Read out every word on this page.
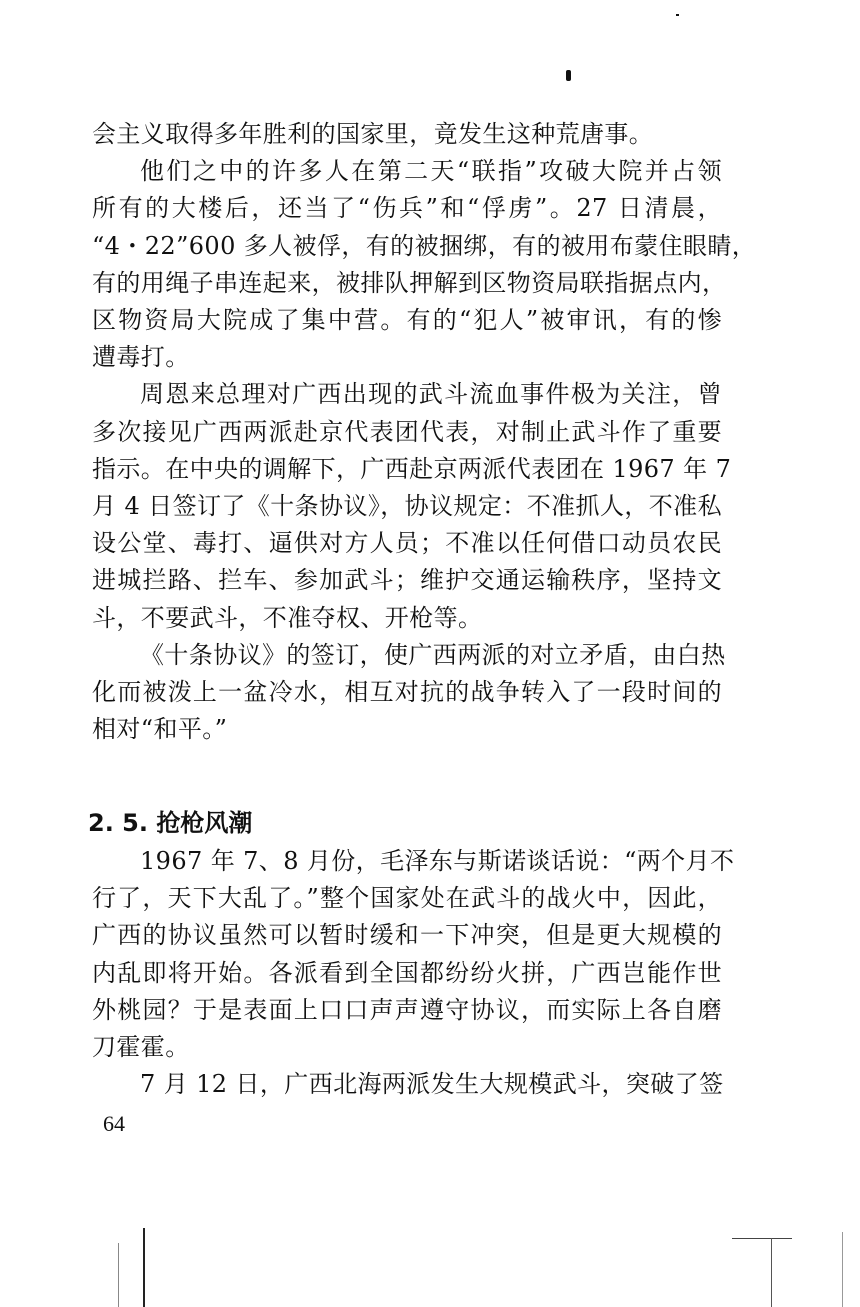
会主义取得多年胜利的国家里，竟发生这种荒唐事。
他们之中的许多人在第二天“联指”攻破大院并占领
所有的大楼后，还当了“伤兵”和“俘虏”。27 日清晨，
“4・22”600 多人被俘，有的被捆绑，有的被用布蒙住眼睛，
有的用绳子串连起来，被排队押解到区物资局联指据点内，
区物资局大院成了集中营。有的“犯人”被审讯，有的惨
遭毒打。
周恩来总理对广西出现的武斗流血事件极为关注，曾
多次接见广西两派赴京代表团代表，对制止武斗作了重要
指示。在中央的调解下，广西赴京两派代表团在 1967 年 7
月 4 日签订了《十条协议》，协议规定：不准抓人，不准私
设公堂、毒打、逼供对方人员；不准以任何借口动员农民
进城拦路、拦车、参加武斗；维护交通运输秩序，坚持文
斗，不要武斗，不准夺权、开枪等。
《十条协议》的签订，使广西两派的对立矛盾，由白热
化而被泼上一盆冷水，相互对抗的战争转入了一段时间的
相对“和平。”
2. 5. 抢枪风潮
1967 年 7、8 月份，毛泽东与斯诺谈话说：“两个月不
行了，天下大乱了。”整个国家处在武斗的战火中，因此，
广西的协议虽然可以暂时缓和一下冲突，但是更大规模的
内乱即将开始。各派看到全国都纷纷火拼，广西岂能作世
外桃园？于是表面上口口声声遵守协议，而实际上各自磨
刀霍霍。
7 月 12 日，广西北海两派发生大规模武斗，突破了签
64
